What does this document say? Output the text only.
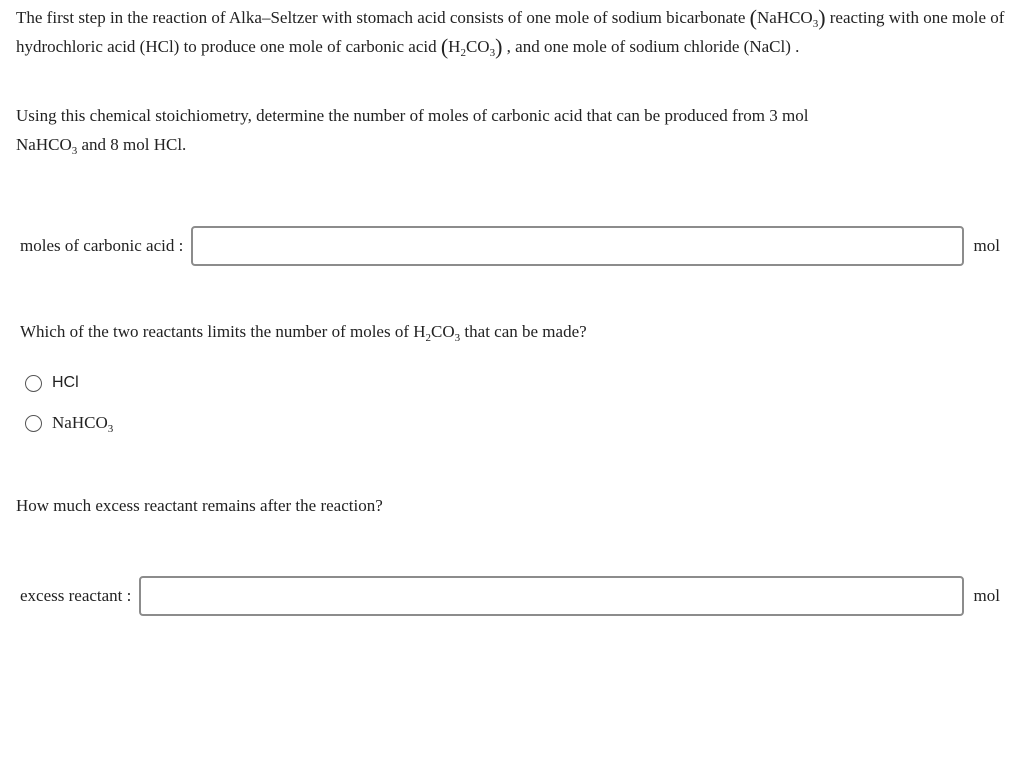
The first step in the reaction of Alka–Seltzer with stomach acid consists of one mole of sodium bicarbonate (NaHCO$_3$) reacting with one mole of hydrochloric acid (HCl) to produce one mole of carbonic acid $(H_2CO_3)$ , and one mole of sodium chloride (NaCl) .

Using this chemical stoichiometry, determine the number of moles of carbonic acid that can be produced from 3 mol
NaHCO$_3$ and 8 mol HCl.

moles of carbonic acid :	mol
Which of the two reactants limits the number of moles of $H_2CO_3$ that can be made?
HCl
NaHCO$_3$
How much excess reactant remains after the reaction?
excess reactant :	mol
